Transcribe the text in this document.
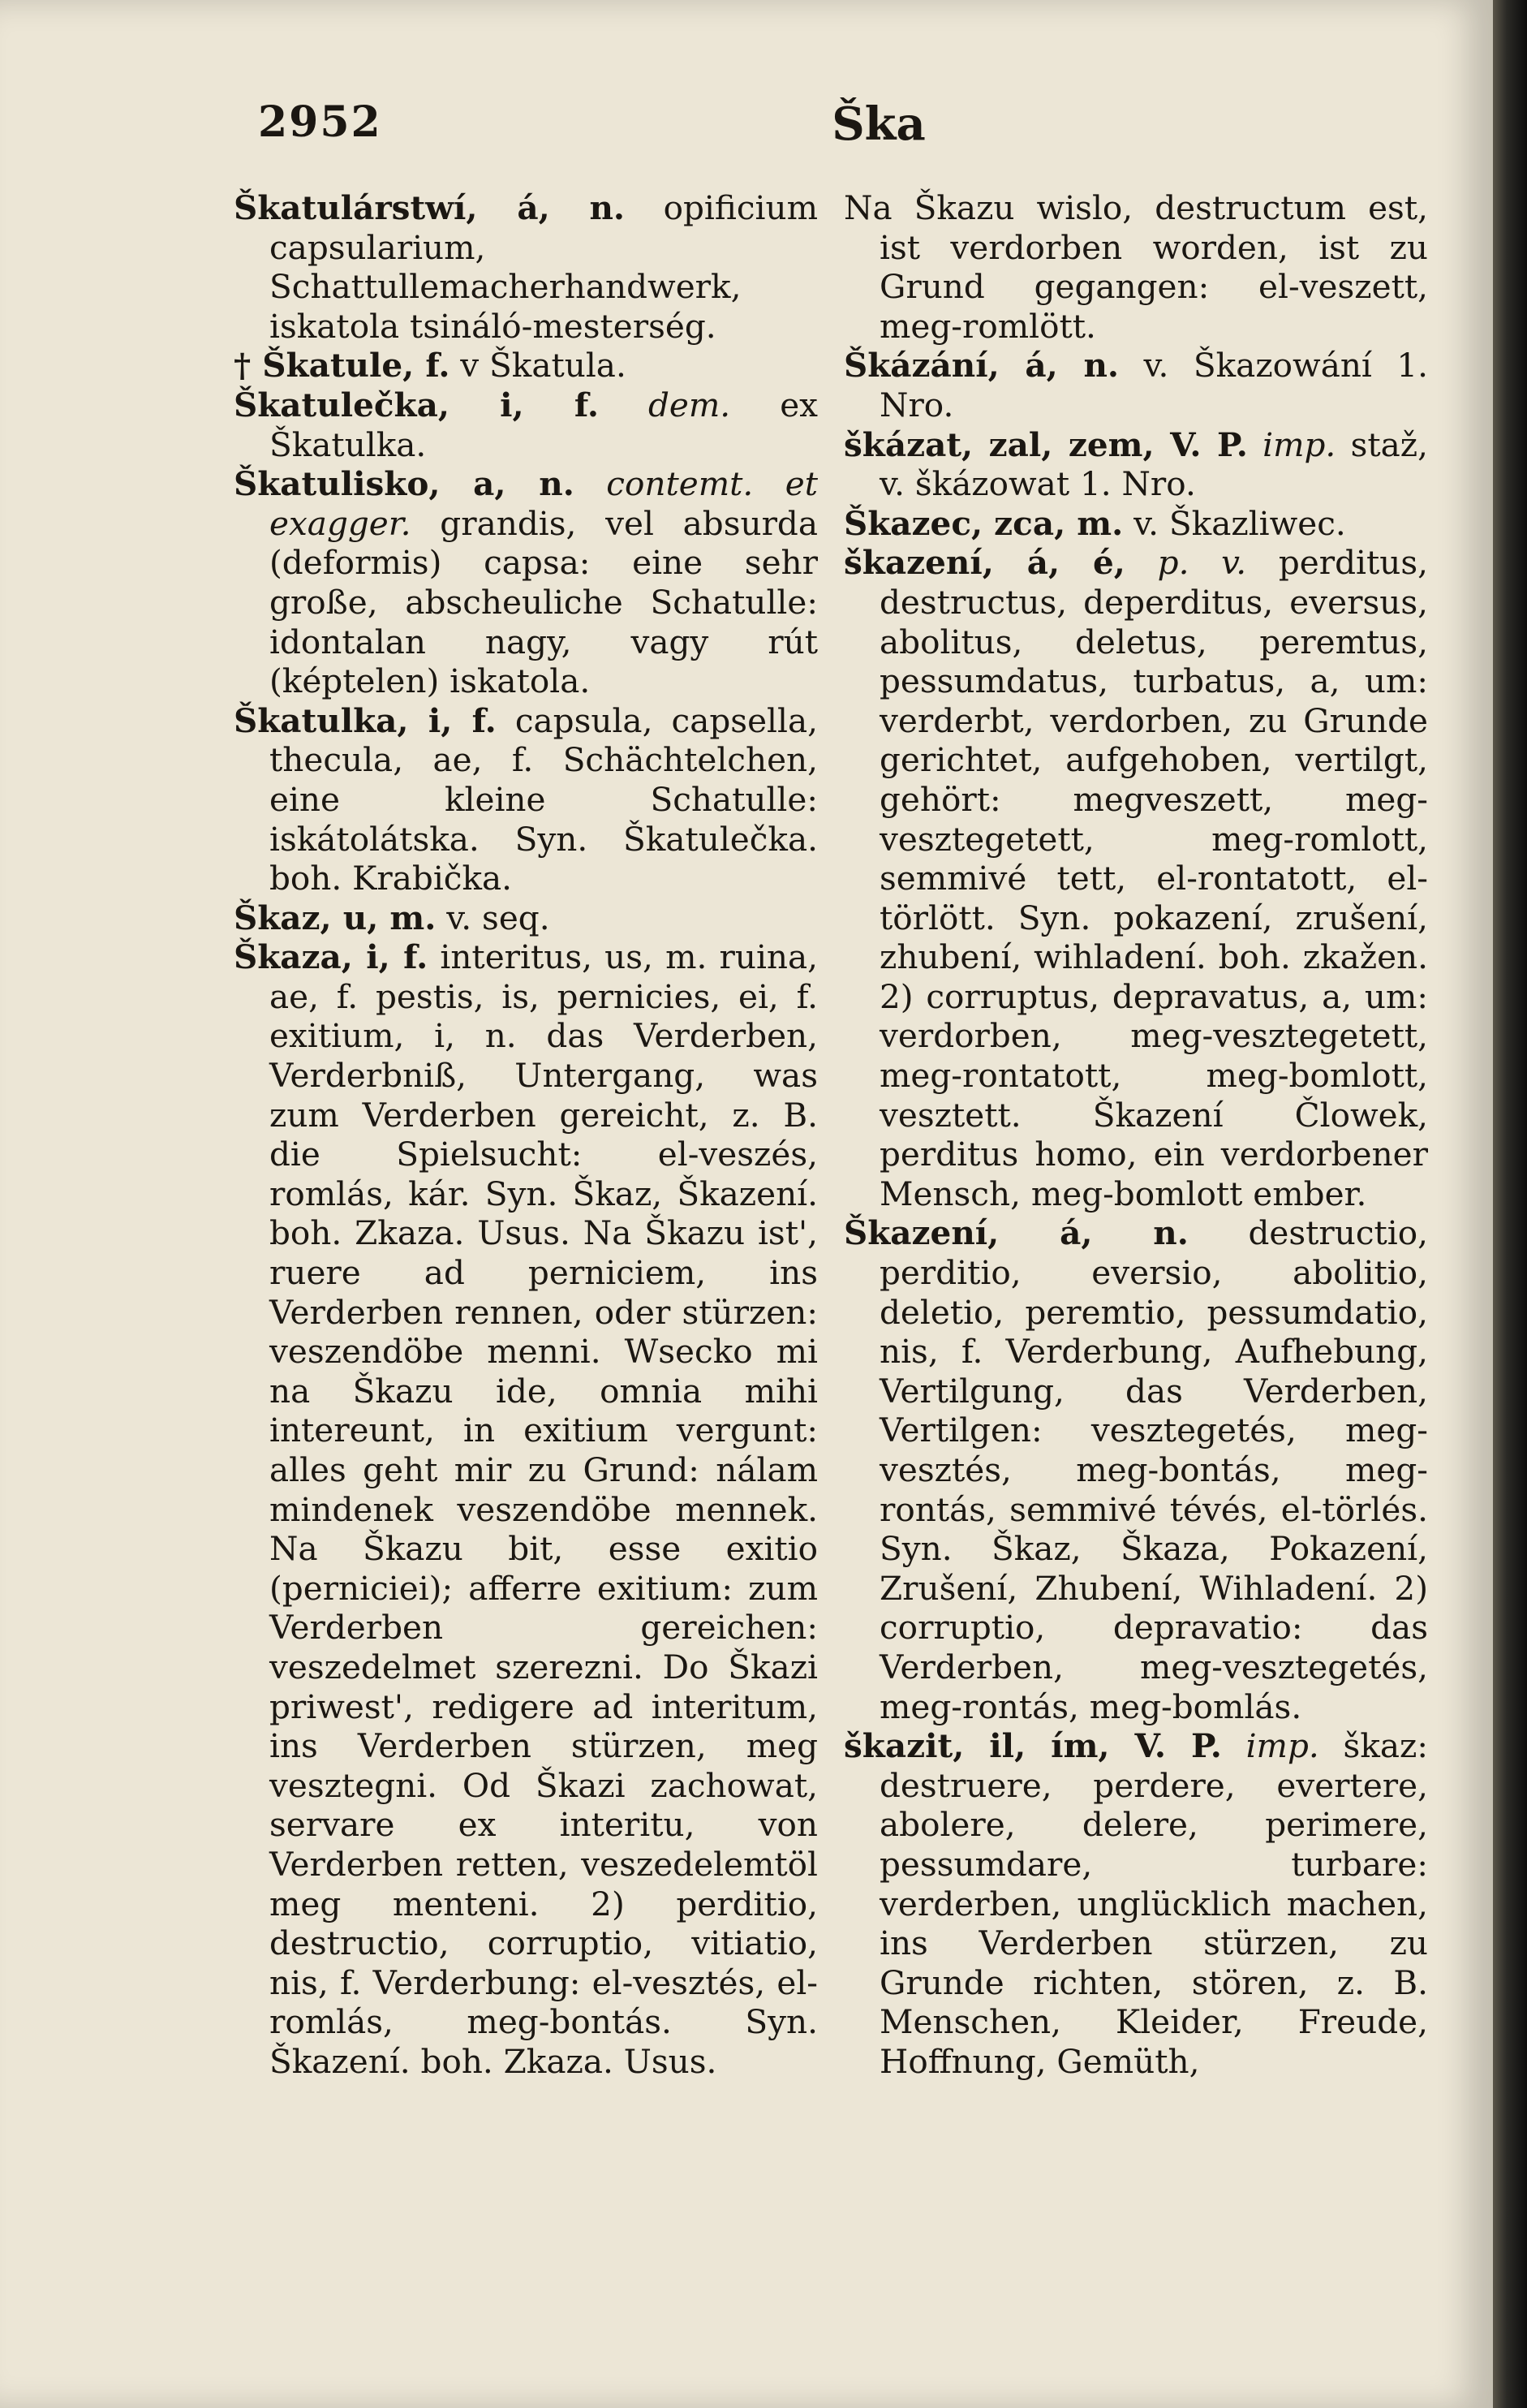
2952	Ška

Škatulárstwí, á, n. opificium capsularium, Schattullemacherhandwerk, iskatola tsináló-mesterség.

† Škatule, f. v Škatula.

Škatulečka, i, f. dem. ex Škatulka.

Škatulisko, a, n. contemt. et exagger. grandis, vel absurda (deformis) capsa: eine sehr große, abscheuliche Schatulle: idontalan nagy, vagy rút (képtelen) iskatola.

Škatulka, i, f. capsula, capsella, thecula, ae, f. Schächtelchen, eine kleine Schatulle: iskátolátska. Syn. Škatulečka. boh. Krabička.

Škaz, u, m. v. seq.

Škaza, i, f. interitus, us, m. ruina, ae, f. pestis, is, pernicies, ei, f. exitium, i, n. das Verderben, Verderbniß, Untergang, was zum Verderben gereicht, z. B. die Spielsucht: el-veszés, romlás, kár. Syn. Škaz, Škazení. boh. Zkaza. Usus. Na Škazu ist', ruere ad perniciem, ins Verderben rennen, oder stürzen: veszendöbe menni. Wsecko mi na Škazu ide, omnia mihi intereunt, in exitium vergunt: alles geht mir zu Grund: nálam mindenek veszendöbe mennek. Na Škazu bit, esse exitio (perniciei); afferre exitium: zum Verderben gereichen: veszedelmet szerezni. Do Škazi priwest', redigere ad interitum, ins Verderben stürzen, meg vesztegni. Od Škazi zachowat, servare ex interitu, von Verderben retten, veszedelemtöl meg menteni. 2) perditio, destructio, corruptio, vitiatio, nis, f. Verderbung: el-vesztés, el-romlás, meg-bontás. Syn. Škazení. boh. Zkaza. Usus.

Na Škazu wislo, destructum est, ist verdorben worden, ist zu Grund gegangen: el-veszett, meg-romlött.

Škázání, á, n. v. Škazowání 1. Nro.

škázat, zal, zem, V. P. imp. staž, v. škázowat 1. Nro.

Škazec, zca, m. v. Škazliwec.

škazení, á, é, p. v. perditus, destructus, deperditus, eversus, abolitus, deletus, peremtus, pessumdatus, turbatus, a, um: verderbt, verdorben, zu Grunde gerichtet, aufgehoben, vertilgt, gehört: megveszett, meg-vesztegetett, meg-romlott, semmivé tett, el-rontatott, el-törlött. Syn. pokazení, zrušení, zhubení, wihladení. boh. zkažen. 2) corruptus, depravatus, a, um: verdorben, meg-vesztegetett, meg-rontatott, meg-bomlott, vesztett. Škazení Člowek, perditus homo, ein verdorbener Mensch, meg-bomlott ember.

Škazení, á, n. destructio, perditio, eversio, abolitio, deletio, peremtio, pessumdatio, nis, f. Verderbung, Aufhebung, Vertilgung, das Verderben, Vertilgen: vesztegetés, meg-vesztés, meg-bontás, meg-rontás, semmivé tévés, el-törlés. Syn. Škaz, Škaza, Pokazení, Zrušení, Zhubení, Wihladení. 2) corruptio, depravatio: das Verderben, meg-vesztegetés, meg-rontás, meg-bomlás.

škazit, il, ím, V. P. imp. škaz: destruere, perdere, evertere, abolere, delere, perimere, pessumdare, turbare: verderben, unglücklich machen, ins Verderben stürzen, zu Grunde richten, stören, z. B. Menschen, Kleider, Freude, Hoffnung, Gemüth,
